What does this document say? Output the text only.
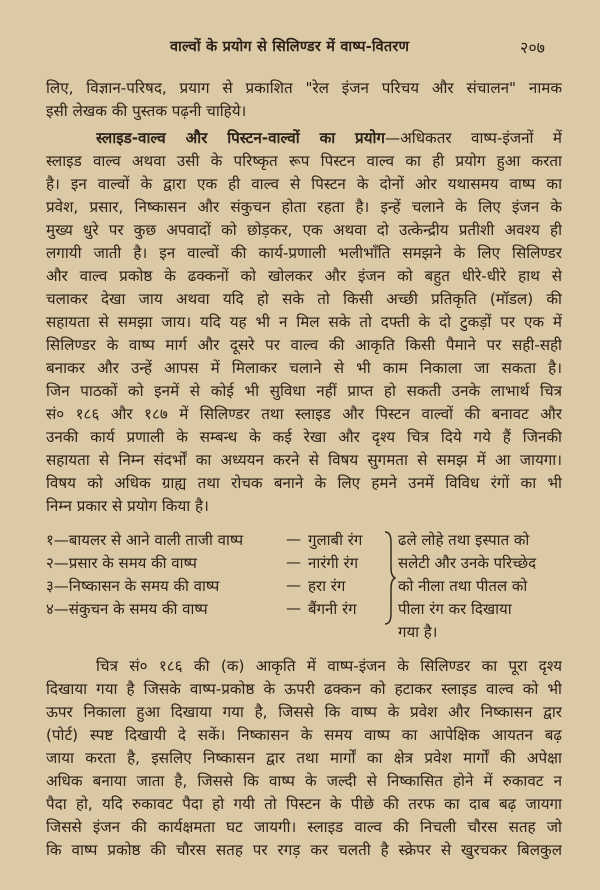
वाल्वों के प्रयोग से सिलिण्डर में वाष्प-वितरण	२०७
लिए, विज्ञान-परिषद, प्रयाग से प्रकाशित "रेल इंजन परिचय और संचालन" नामक
इसी लेखक की पुस्तक पढ़नी चाहिये।
स्लाइड-वाल्व और पिस्टन-वाल्वों का प्रयोग—अधिकतर वाष्प-इंजनों में
स्लाइड वाल्व अथवा उसी के परिष्कृत रूप पिस्टन वाल्व का ही प्रयोग हुआ करता
है। इन वाल्वों के द्वारा एक ही वाल्व से पिस्टन के दोनों ओर यथासमय वाष्प का
प्रवेश, प्रसार, निष्कासन और संकुचन होता रहता है। इन्हें चलाने के लिए इंजन के
मुख्य धुरे पर कुछ अपवादों को छोड़कर, एक अथवा दो उत्केन्द्रीय प्रतीशी अवश्य ही
लगायी जाती है। इन वाल्वों की कार्य-प्रणाली भलीभाँति समझने के लिए सिलिण्डर
और वाल्व प्रकोष्ठ के ढक्कनों को खोलकर और इंजन को बहुत धीरे-धीरे हाथ से
चलाकर देखा जाय अथवा यदि हो सके तो किसी अच्छी प्रतिकृति (मॉडल) की
सहायता से समझा जाय। यदि यह भी न मिल सके तो दफ्ती के दो टुकड़ों पर एक में
सिलिण्डर के वाष्प मार्ग और दूसरे पर वाल्व की आकृति किसी पैमाने पर सही-सही
बनाकर और उन्हें आपस में मिलाकर चलाने से भी काम निकाला जा सकता है।
जिन पाठकों को इनमें से कोई भी सुविधा नहीं प्राप्त हो सकती उनके लाभार्थ चित्र
सं० १८६ और १८७ में सिलिण्डर तथा स्लाइड और पिस्टन वाल्वों की बनावट और
उनकी कार्य प्रणाली के सम्बन्ध के कई रेखा और दृश्य चित्र दिये गये हैं जिनकी
सहायता से निम्न संदर्भों का अध्ययन करने से विषय सुगमता से समझ में आ जायगा।
विषय को अधिक ग्राह्य तथा रोचक बनाने के लिए हमने उनमें विविध रंगों का भी
निम्न प्रकार से प्रयोग किया है।
१—बायलर से आने वाली ताजी वाष्प	— गुलाबी रंग ढले लोहे तथा इस्पात को
२—प्रसार के समय की वाष्प	— नारंगी रंग	सलेटी और उनके परिच्छेद
३—निष्कासन के समय की वाष्प	— हरा रंग	को नीला तथा पीतल को
४—संकुचन के समय की वाष्प	— बैंगनी रंग	पीला रंग कर दिखाया
गया है।
चित्र सं० १८६ की (क) आकृति में वाष्प-इंजन के सिलिण्डर का पूरा दृश्य
दिखाया गया है जिसके वाष्प-प्रकोष्ठ के ऊपरी ढक्कन को हटाकर स्लाइड वाल्व को भी
ऊपर निकाला हुआ दिखाया गया है, जिससे कि वाष्प के प्रवेश और निष्कासन द्वार
(पोर्ट) स्पष्ट दिखायी दे सकें। निष्कासन के समय वाष्प का आपेक्षिक आयतन बढ़
जाया करता है, इसलिए निष्कासन द्वार तथा मार्गों का क्षेत्र प्रवेश मार्गों की अपेक्षा
अधिक बनाया जाता है, जिससे कि वाष्प के जल्दी से निष्कासित होने में रुकावट न
पैदा हो, यदि रुकावट पैदा हो गयी तो पिस्टन के पीछे की तरफ का दाब बढ़ जायगा
जिससे इंजन की कार्यक्षमता घट जायगी। स्लाइड वाल्व की निचली चौरस सतह जो
कि वाष्प प्रकोष्ठ की चौरस सतह पर रगड़ कर चलती है स्क्रेपर से खुरचकर बिलकुल
